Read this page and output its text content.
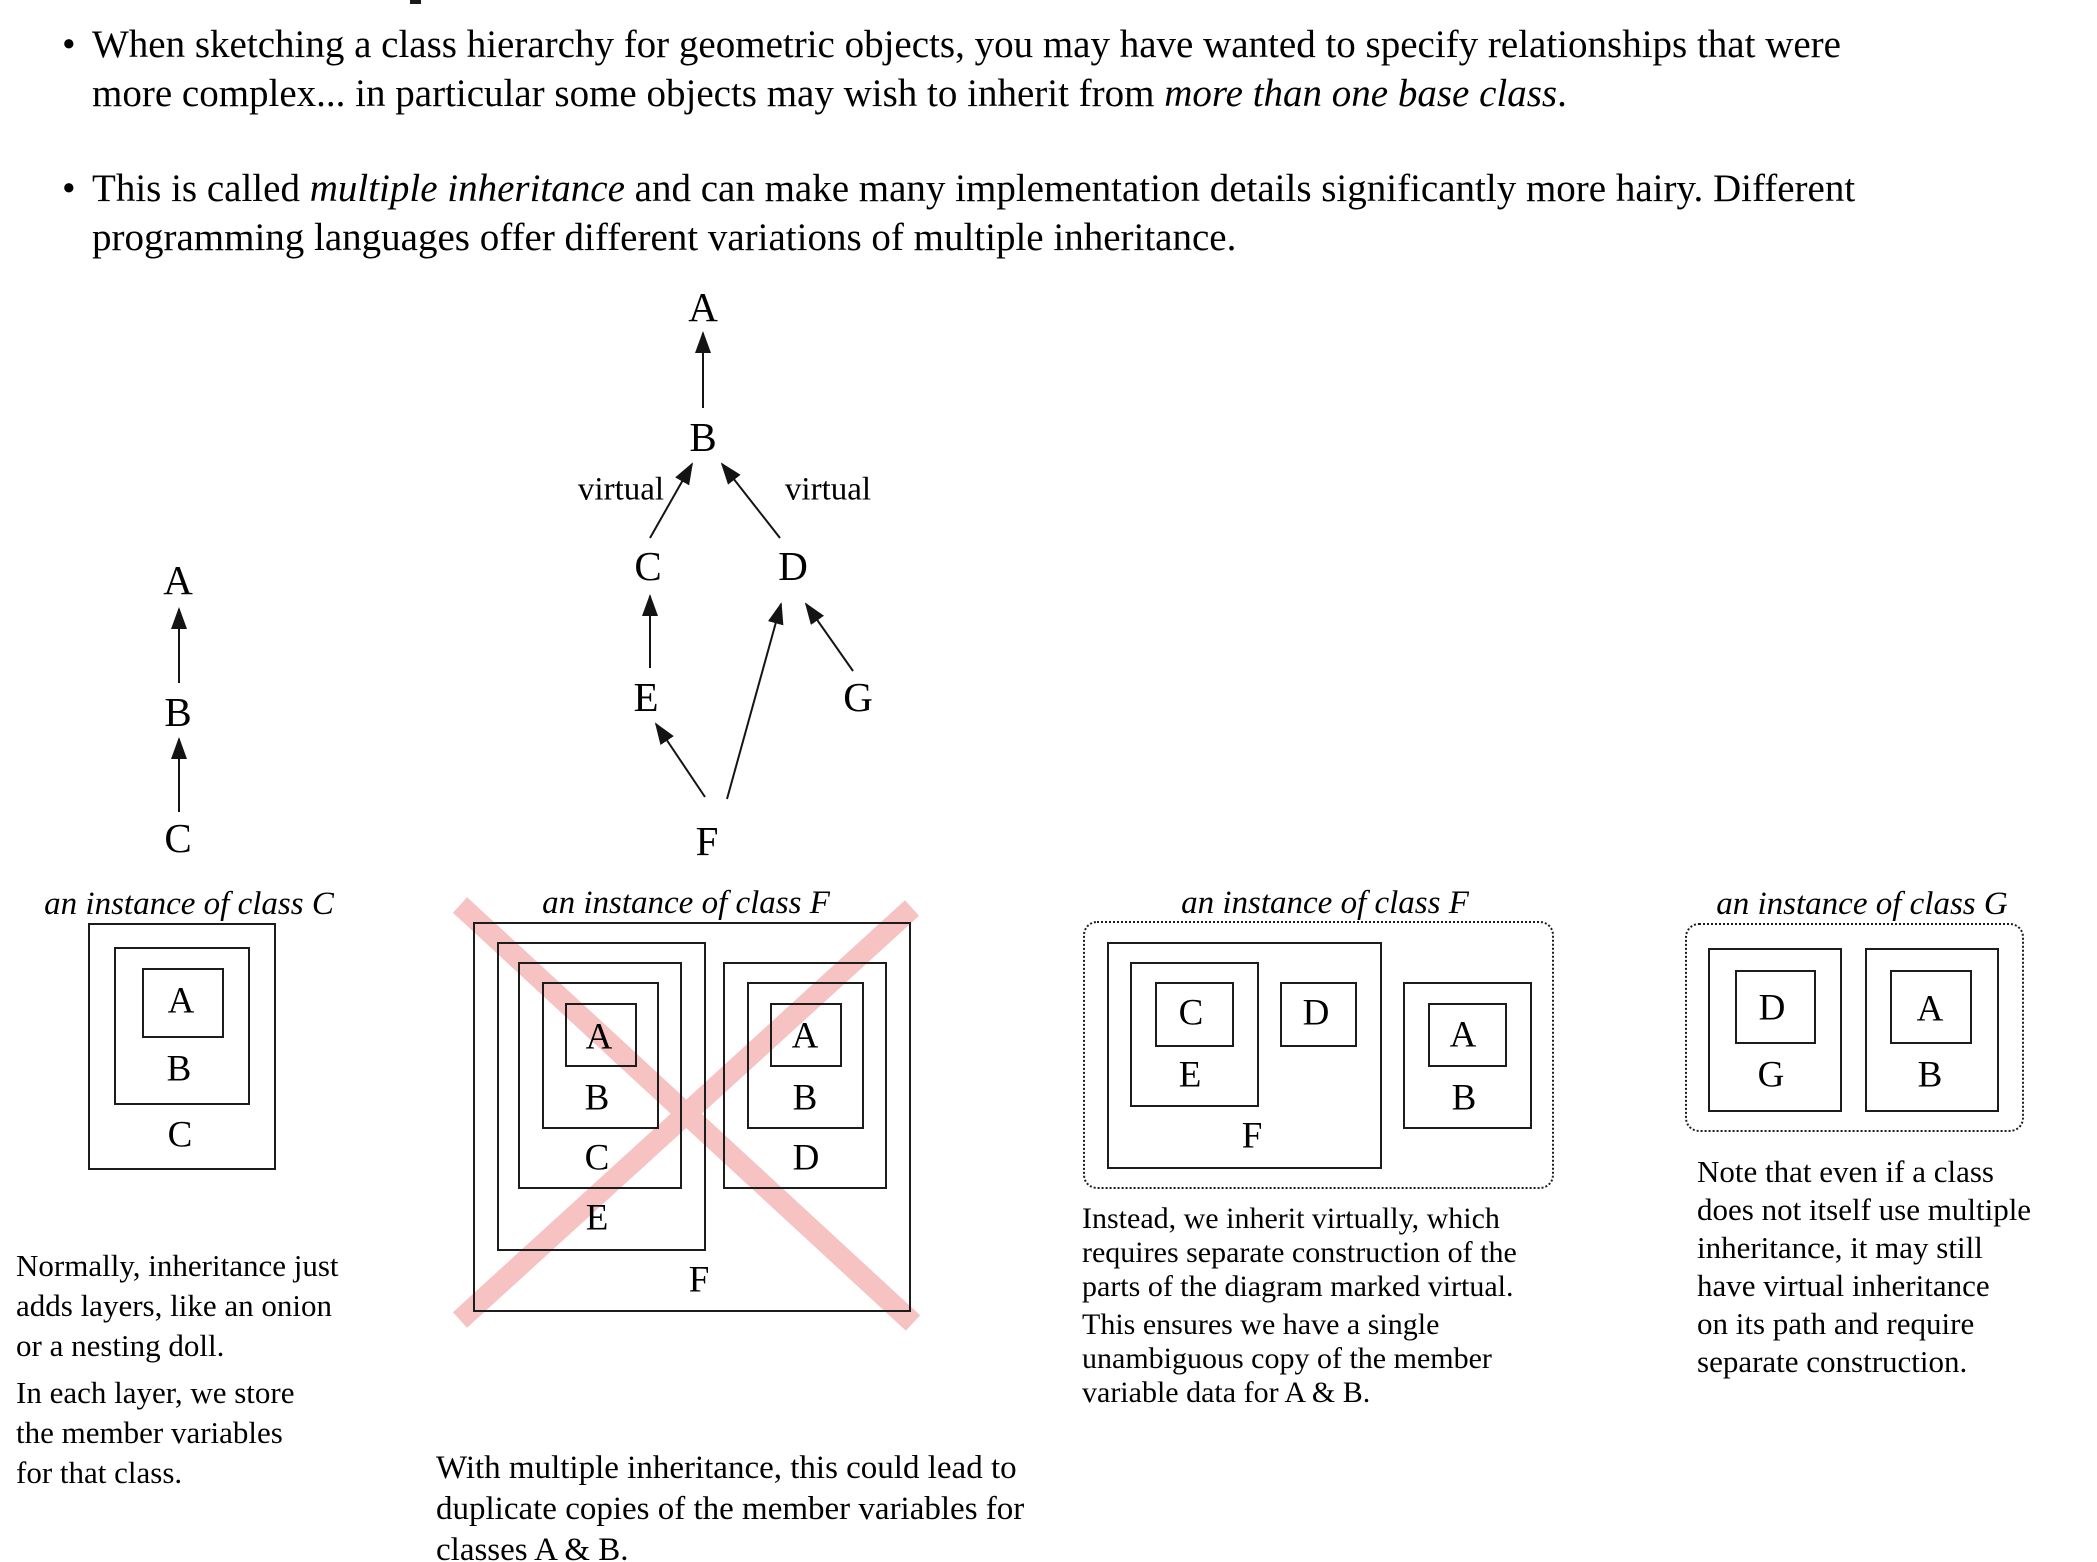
• When sketching a class hierarchy for geometric objects, you may have wanted to specify relationships that were
more complex... in particular some objects may wish to inherit from more than one base class.
• This is called multiple inheritance and can make many implementation details significantly more hairy. Different
programming languages offer different variations of multiple inheritance.
A
B
C
A
B
C	D
E	G
F
virtual	virtual
an instance of class C
A
B
C
Normally, inheritance just
adds layers, like an onion
or a nesting doll.
In each layer, we store
the member variables
for that class.
an instance of class F
A
B
C
E
A
B
D
F
With multiple inheritance, this could lead to
duplicate copies of the member variables for
classes A & B.
an instance of class F
C	D
E
F
A
B
Instead, we inherit virtually, which
requires separate construction of the
parts of the diagram marked virtual.
This ensures we have a single
unambiguous copy of the member
variable data for A & B.
an instance of class G
D
G
A
B
Note that even if a class
does not itself use multiple
inheritance, it may still
have virtual inheritance
on its path and require
separate construction.
